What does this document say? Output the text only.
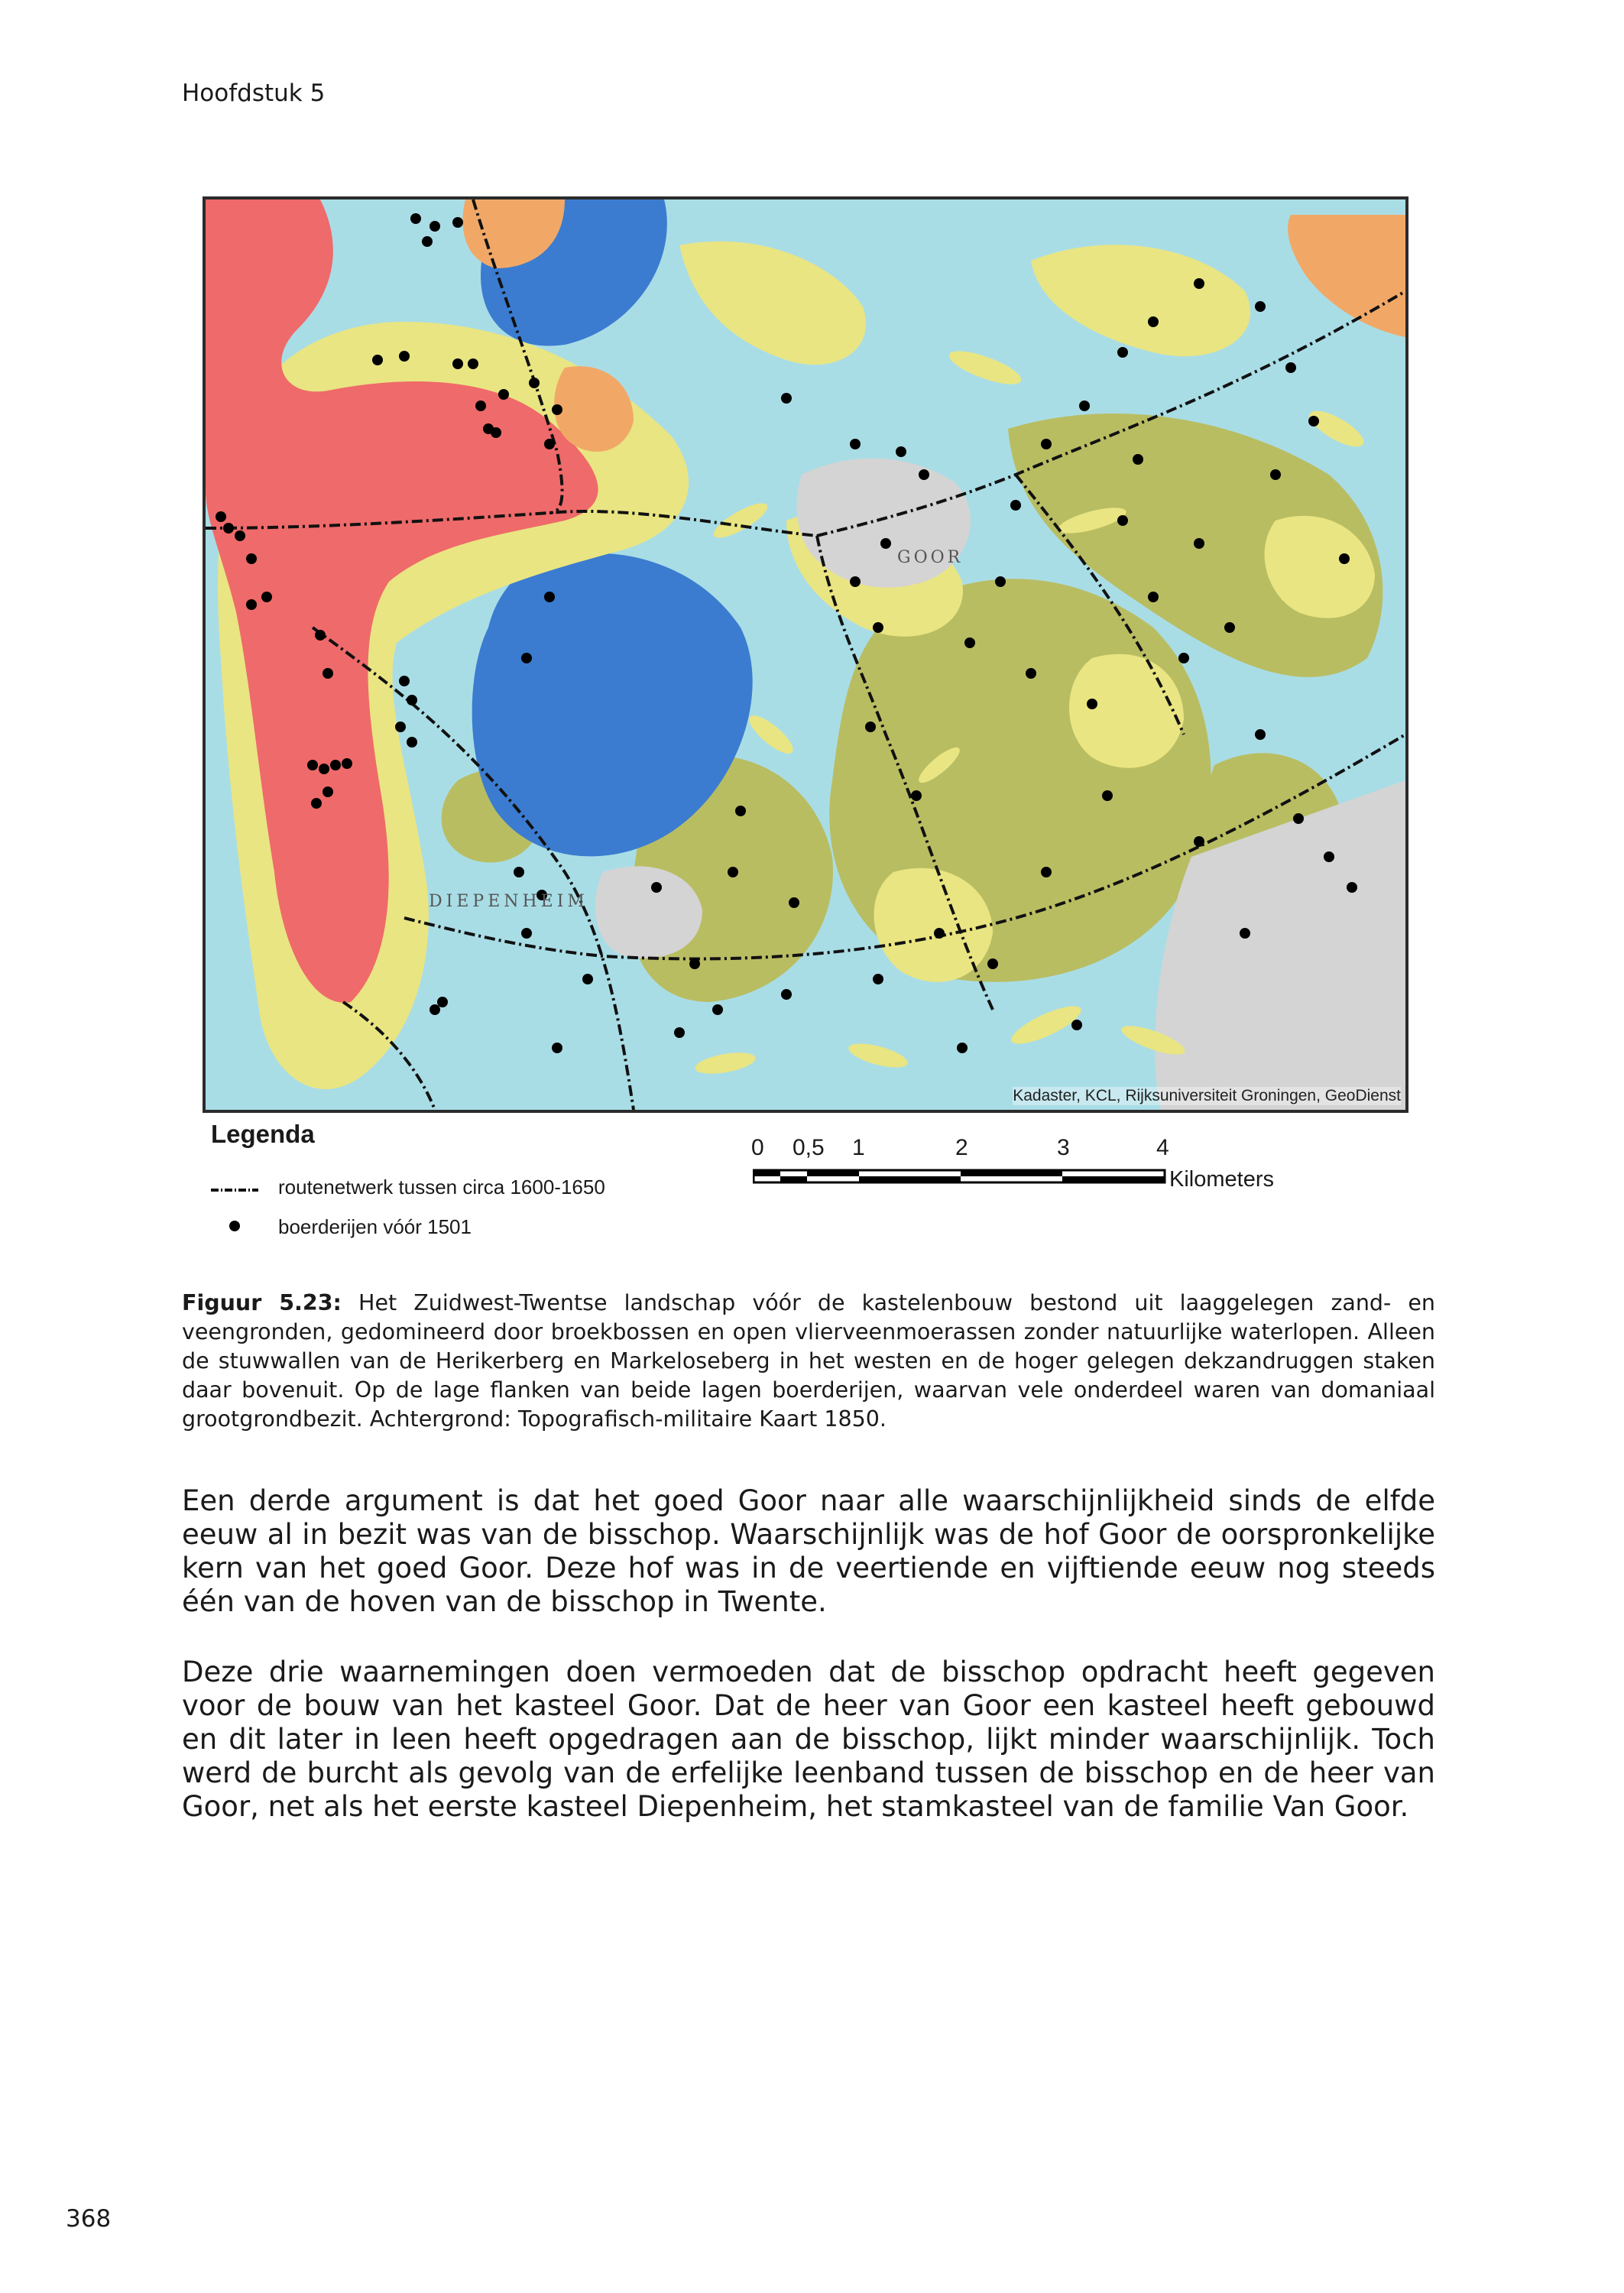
Hoofdstuk 5
GOOR
DIEPENHEIM
Kadaster, KCL, Rijksuniversiteit Groningen, GeoDienst
Legenda
routenetwerk tussen circa 1600-1650
boerderijen vóór 1501
0 0,5 1	2	3	4
Kilometers
Figuur 5.23: Het Zuidwest-Twentse landschap vóór de kastelenbouw bestond uit laaggelegen zand- en veengronden, gedomineerd door broekbossen en open vlierveenmoerassen zonder natuurlijke waterlopen. Alleen de stuwwallen van de Herikerberg en Markeloseberg in het westen en de hoger gelegen dekzandruggen staken daar bovenuit. Op de lage flanken van beide lagen boerderijen, waarvan vele onderdeel waren van domaniaal grootgrondbezit. Achtergrond: Topografisch-militaire Kaart 1850.
Een derde argument is dat het goed Goor naar alle waarschijnlijkheid sinds de elfde eeuw al in bezit was van de bisschop. Waarschijnlijk was de hof Goor de oorspronkelijke kern van het goed Goor. Deze hof was in de veertiende en vijftiende eeuw nog steeds één van de hoven van de bisschop in Twente.
Deze drie waarnemingen doen vermoeden dat de bisschop opdracht heeft gegeven voor de bouw van het kasteel Goor. Dat de heer van Goor een kasteel heeft gebouwd en dit later in leen heeft opgedragen aan de bisschop, lijkt minder waarschijnlijk. Toch werd de burcht als gevolg van de erfelijke leenband tussen de bisschop en de heer van Goor, net als het eerste kasteel Diepenheim, het stamkasteel van de familie Van Goor.
368
